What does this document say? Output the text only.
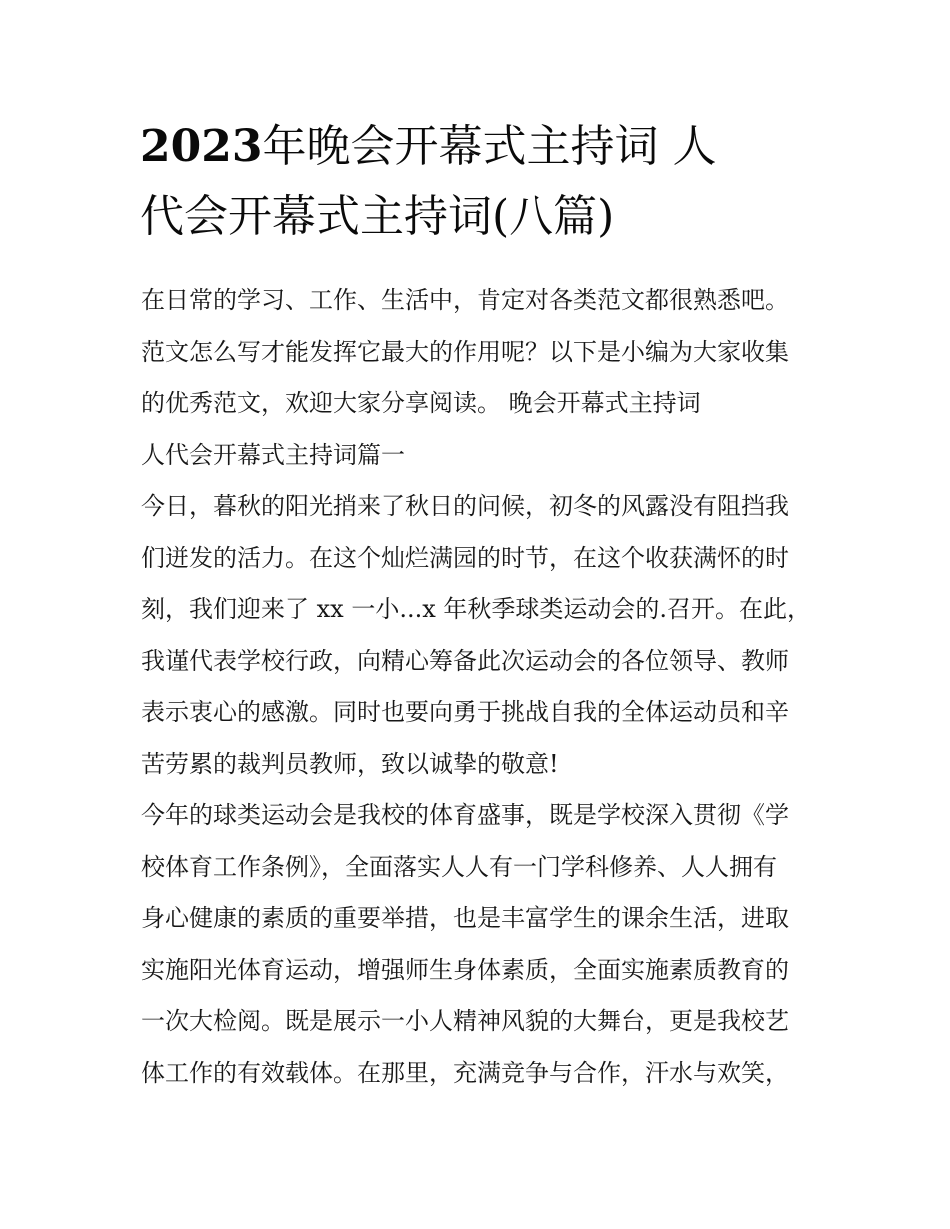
2023年晚会开幕式主持词 人
代会开幕式主持词(八篇)
在日常的学习、工作、生活中，肯定对各类范文都很熟悉吧。
范文怎么写才能发挥它最大的作用呢？以下是小编为大家收集
的优秀范文，欢迎大家分享阅读。 晚会开幕式主持词
人代会开幕式主持词篇一
今日，暮秋的阳光捎来了秋日的问候，初冬的风露没有阻挡我
们迸发的活力。在这个灿烂满园的时节，在这个收获满怀的时
刻，我们迎来了 xx 一小...x 年秋季球类运动会的.召开。在此，
我谨代表学校行政，向精心筹备此次运动会的各位领导、教师
表示衷心的感激。同时也要向勇于挑战自我的全体运动员和辛
苦劳累的裁判员教师，致以诚挚的敬意!
今年的球类运动会是我校的体育盛事，既是学校深入贯彻《学
校体育工作条例》，全面落实人人有一门学科修养、人人拥有
身心健康的素质的重要举措，也是丰富学生的课余生活，进取
实施阳光体育运动，增强师生身体素质，全面实施素质教育的
一次大检阅。既是展示一小人精神风貌的大舞台，更是我校艺
体工作的有效载体。在那里，充满竞争与合作，汗水与欢笑，
